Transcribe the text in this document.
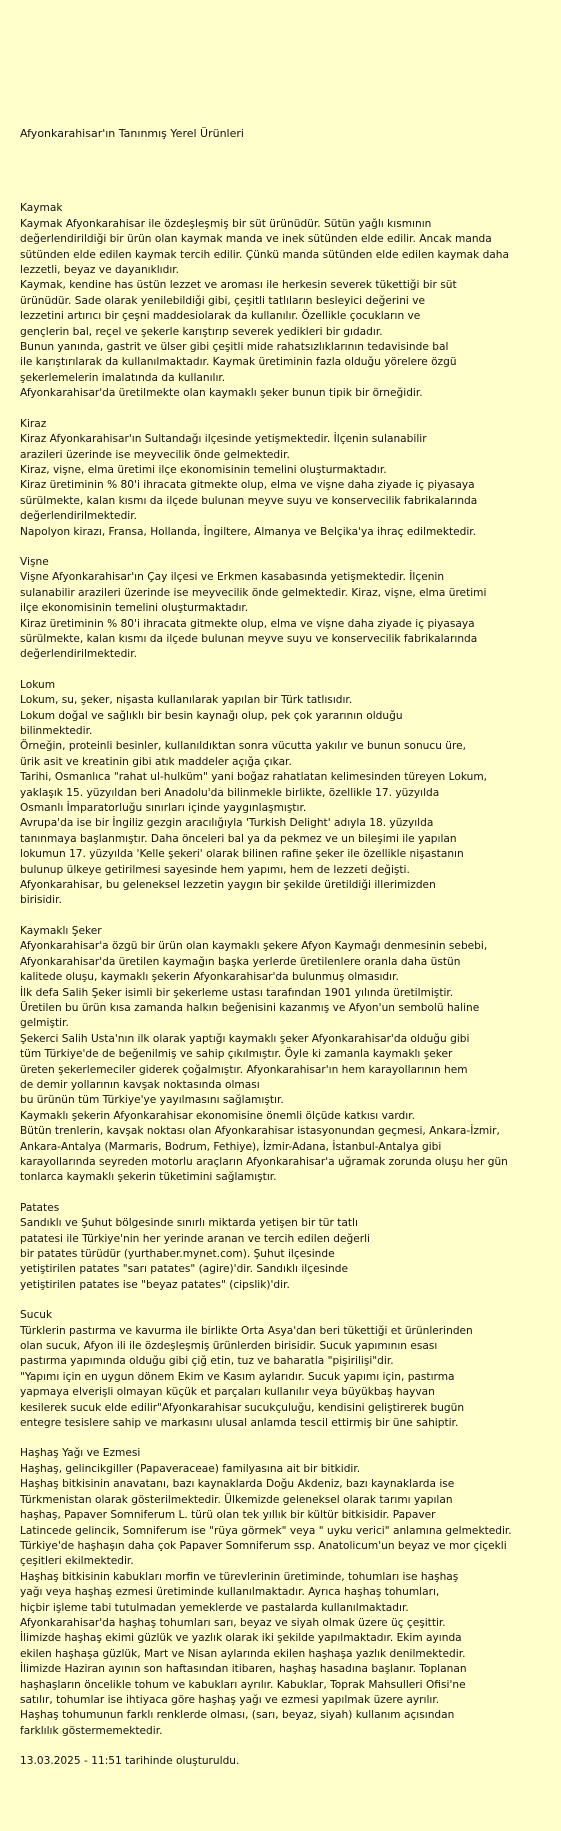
Afyonkarahisar'ın Tanınmış Yerel Ürünleri
Kaymak
Kaymak Afyonkarahisar ile özdeşleşmiş bir süt ürünüdür. Sütün yağlı kısmının
değerlendirildiği bir ürün olan kaymak manda ve inek sütünden elde edilir. Ancak manda
sütünden elde edilen kaymak tercih edilir. Çünkü manda sütünden elde edilen kaymak daha
lezzetli, beyaz ve dayanıklıdır.
Kaymak, kendine has üstün lezzet ve aroması ile herkesin severek tükettiği bir süt
ürünüdür. Sade olarak yenilebildiği gibi, çeşitli tatlıların besleyici değerini ve
lezzetini artırıcı bir çeşni maddesiolarak da kullanılır. Özellikle çocukların ve
gençlerin bal, reçel ve şekerle karıştırıp severek yedikleri bir gıdadır.
Bunun yanında, gastrit ve ülser gibi çeşitli mide rahatsızlıklarının tedavisinde bal
ile karıştırılarak da kullanılmaktadır. Kaymak üretiminin fazla olduğu yörelere özgü
şekerlemelerin imalatında da kullanılır.
Afyonkarahisar'da üretilmekte olan kaymaklı şeker bunun tipik bir örneğidir.
Kiraz
Kiraz Afyonkarahisar'ın Sultandağı ilçesinde yetişmektedir. İlçenin sulanabilir
arazileri üzerinde ise meyvecilik önde gelmektedir.
Kiraz, vişne, elma üretimi ilçe ekonomisinin temelini oluşturmaktadır.
Kiraz üretiminin % 80'i ihracata gitmekte olup, elma ve vişne daha ziyade iç piyasaya
sürülmekte, kalan kısmı da ilçede bulunan meyve suyu ve konservecilik fabrikalarında
değerlendirilmektedir.
Napolyon kirazı, Fransa, Hollanda, İngiltere, Almanya ve Belçika'ya ihraç edilmektedir.
Vişne
Vişne Afyonkarahisar'ın Çay ilçesi ve Erkmen kasabasında yetişmektedir. İlçenin
sulanabilir arazileri üzerinde ise meyvecilik önde gelmektedir. Kiraz, vişne, elma üretimi
ilçe ekonomisinin temelini oluşturmaktadır.
Kiraz üretiminin % 80'i ihracata gitmekte olup, elma ve vişne daha ziyade iç piyasaya
sürülmekte, kalan kısmı da ilçede bulunan meyve suyu ve konservecilik fabrikalarında
değerlendirilmektedir.
Lokum
Lokum, su, şeker, nişasta kullanılarak yapılan bir Türk tatlısıdır.
Lokum doğal ve sağlıklı bir besin kaynağı olup, pek çok yararının olduğu
bilinmektedir.
Örneğin, proteinli besinler, kullanıldıktan sonra vücutta yakılır ve bunun sonucu üre,
ürik asit ve kreatinin gibi atık maddeler açığa çıkar.
Tarihi, Osmanlıca "rahat ul-hulküm" yani boğaz rahatlatan kelimesinden türeyen Lokum,
yaklaşık 15. yüzyıldan beri Anadolu'da bilinmekle birlikte, özellikle 17. yüzyılda
Osmanlı İmparatorluğu sınırları içinde yaygınlaşmıştır.
Avrupa'da ise bir İngiliz gezgin aracılığıyla 'Turkish Delight' adıyla 18. yüzyılda
tanınmaya başlanmıştır. Daha önceleri bal ya da pekmez ve un bileşimi ile yapılan
lokumun 17. yüzyılda 'Kelle şekeri' olarak bilinen rafine şeker ile özellikle nişastanın
bulunup ülkeye getirilmesi sayesinde hem yapımı, hem de lezzeti değişti.
Afyonkarahisar, bu geleneksel lezzetin yaygın bir şekilde üretildiği illerimizden
birisidir.
Kaymaklı Şeker
Afyonkarahisar'a özgü bir ürün olan kaymaklı şekere Afyon Kaymağı denmesinin sebebi,
Afyonkarahisar'da üretilen kaymağın başka yerlerde üretilenlere oranla daha üstün
kalitede oluşu, kaymaklı şekerin Afyonkarahisar'da bulunmuş olmasıdır.
İlk defa Salih Şeker isimli bir şekerleme ustası tarafından 1901 yılında üretilmiştir.
Üretilen bu ürün kısa zamanda halkın beğenisini kazanmış ve Afyon'un sembolü haline
gelmiştir.
Şekerci Salih Usta'nın ilk olarak yaptığı kaymaklı şeker Afyonkarahisar'da olduğu gibi
tüm Türkiye'de de beğenilmiş ve sahip çıkılmıştır. Öyle ki zamanla kaymaklı şeker
üreten şekerlemeciler giderek çoğalmıştır. Afyonkarahisar'ın hem karayollarının hem
de demir yollarının kavşak noktasında olması
bu ürünün tüm Türkiye'ye yayılmasını sağlamıştır.
Kaymaklı şekerin Afyonkarahisar ekonomisine önemli ölçüde katkısı vardır.
Bütün trenlerin, kavşak noktası olan Afyonkarahisar istasyonundan geçmesi, Ankara-İzmir,
Ankara-Antalya (Marmaris, Bodrum, Fethiye), İzmir-Adana, İstanbul-Antalya gibi
karayollarında seyreden motorlu araçların Afyonkarahisar'a uğramak zorunda oluşu her gün
tonlarca kaymaklı şekerin tüketimini sağlamıştır.
Patates
Sandıklı ve Şuhut bölgesinde sınırlı miktarda yetişen bir tür tatlı
patatesi ile Türkiye'nin her yerinde aranan ve tercih edilen değerli
bir patates türüdür (yurthaber.mynet.com). Şuhut ilçesinde
yetiştirilen patates "sarı patates" (agire)'dir. Sandıklı ilçesinde
yetiştirilen patates ise "beyaz patates" (cipslik)'dir.
Sucuk
Türklerin pastırma ve kavurma ile birlikte Orta Asya'dan beri tükettiği et ürünlerinden
olan sucuk, Afyon ili ile özdeşleşmiş ürünlerden birisidir. Sucuk yapımının esası
pastırma yapımında olduğu gibi çiğ etin, tuz ve baharatla "pişirilişi"dir.
"Yapımı için en uygun dönem Ekim ve Kasım aylarıdır. Sucuk yapımı için, pastırma
yapmaya elverişli olmayan küçük et parçaları kullanılır veya büyükbaş hayvan
kesilerek sucuk elde edilir"Afyonkarahisar sucukçuluğu, kendisini geliştirerek bugün
entegre tesislere sahip ve markasını ulusal anlamda tescil ettirmiş bir üne sahiptir.
Haşhaş Yağı ve Ezmesi
Haşhaş, gelincikgiller (Papaveraceae) familyasına ait bir bitkidir.
Haşhaş bitkisinin anavatanı, bazı kaynaklarda Doğu Akdeniz, bazı kaynaklarda ise
Türkmenistan olarak gösterilmektedir. Ülkemizde geleneksel olarak tarımı yapılan
haşhaş, Papaver Somniferum L. türü olan tek yıllık bir kültür bitkisidir. Papaver
Latincede gelincik, Somniferum ise "rüya görmek" veya " uyku verici" anlamına gelmektedir.
Türkiye'de haşhaşın daha çok Papaver Somniferum ssp. Anatolicum'un beyaz ve mor çiçekli
çeşitleri ekilmektedir.
Haşhaş bitkisinin kabukları morfin ve türevlerinin üretiminde, tohumları ise haşhaş
yağı veya haşhaş ezmesi üretiminde kullanılmaktadır. Ayrıca haşhaş tohumları,
hiçbir işleme tabi tutulmadan yemeklerde ve pastalarda kullanılmaktadır.
Afyonkarahisar'da haşhaş tohumları sarı, beyaz ve siyah olmak üzere üç çeşittir.
İlimizde haşhaş ekimi güzlük ve yazlık olarak iki şekilde yapılmaktadır. Ekim ayında
ekilen haşhaşa güzlük, Mart ve Nisan aylarında ekilen haşhaşa yazlık denilmektedir.
İlimizde Haziran ayının son haftasından itibaren, haşhaş hasadına başlanır. Toplanan
haşhaşların öncelikle tohum ve kabukları ayrılır. Kabuklar, Toprak Mahsulleri Ofisi'ne
satılır, tohumlar ise ihtiyaca göre haşhaş yağı ve ezmesi yapılmak üzere ayrılır.
Haşhaş tohumunun farklı renklerde olması, (sarı, beyaz, siyah) kullanım açısından
farklılık göstermemektedir.
13.03.2025 - 11:51 tarihinde oluşturuldu.
